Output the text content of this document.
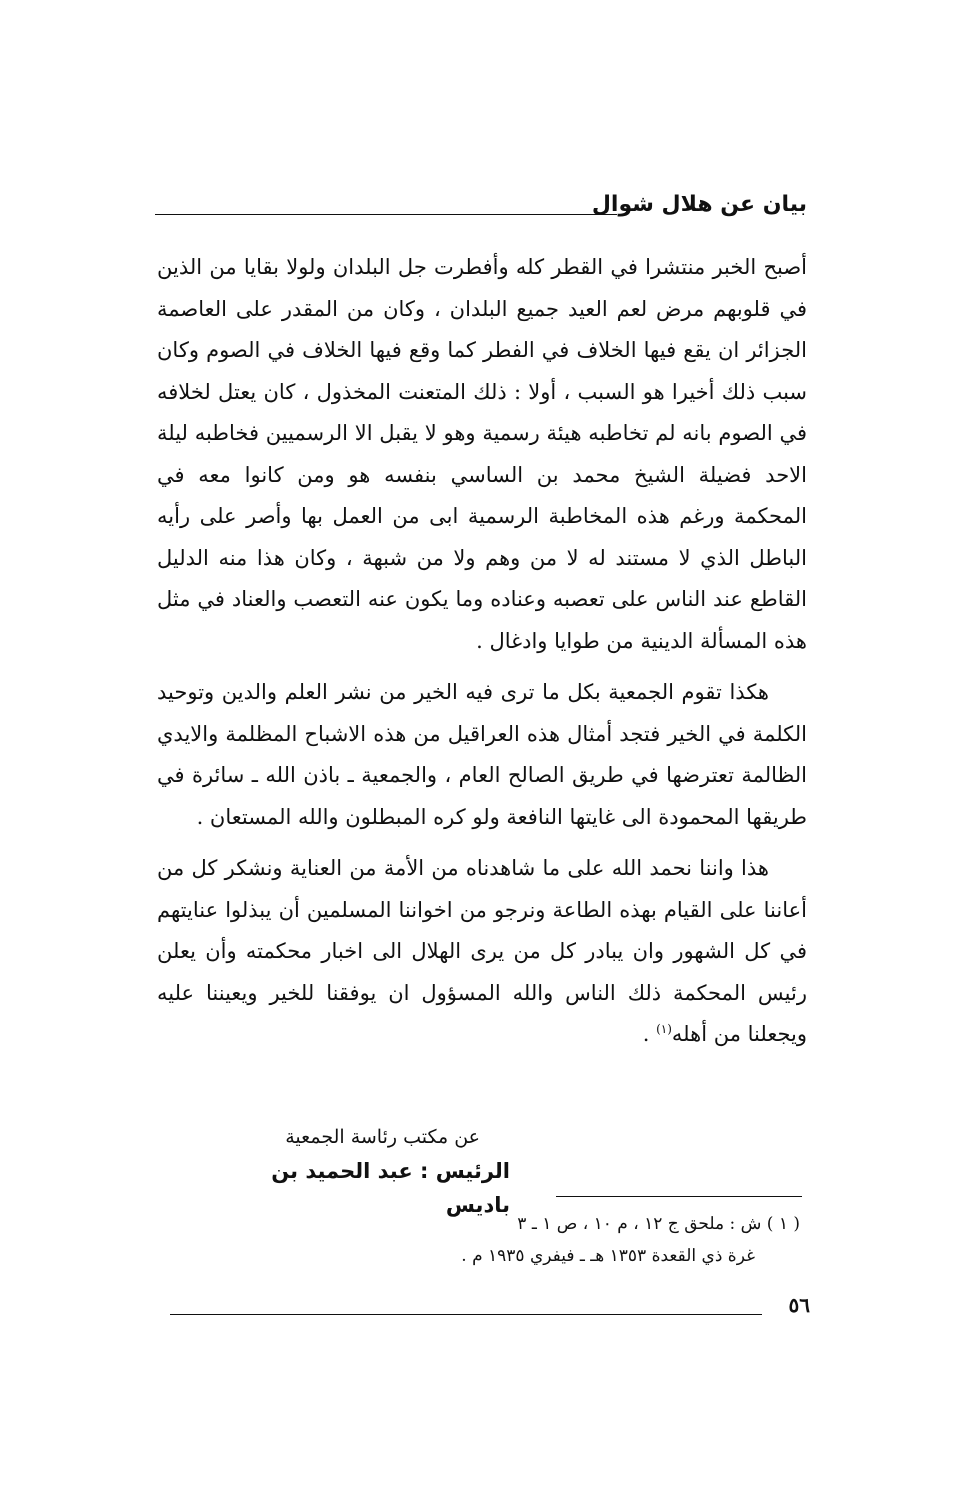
بيان عن هلال شوال

أصبح الخبر منتشرا في القطر كله وأفطرت جل البلدان ولولا بقايا من الذين في قلوبهم مرض لعم العيد جميع البلدان ، وكان من المقدر على العاصمة الجزائر ان يقع فيها الخلاف في الفطر كما وقع فيها الخلاف في الصوم وكان سبب ذلك أخيرا هو السبب ، أولا : ذلك المتعنت المخذول ، كان يعتل لخلافه في الصوم بانه لم تخاطبه هيئة رسمية وهو لا يقبل الا الرسميين فخاطبه ليلة الاحد فضيلة الشيخ محمد بن الساسي بنفسه هو ومن كانوا معه في المحكمة ورغم هذه المخاطبة الرسمية ابى من العمل بها وأصر على رأيه الباطل الذي لا مستند له لا من وهم ولا من شبهة ، وكان هذا منه الدليل القاطع عند الناس على تعصبه وعناده وما يكون عنه التعصب والعناد في مثل هذه المسألة الدينية من طوايا وادغال .

هكذا تقوم الجمعية بكل ما ترى فيه الخير من نشر العلم والدين وتوحيد الكلمة في الخير فتجد أمثال هذه العراقيل من هذه الاشباح المظلمة والايدي الظالمة تعترضها في طريق الصالح العام ، والجمعية ـ باذن الله ـ سائرة في طريقها المحمودة الى غايتها النافعة ولو كره المبطلون والله المستعان .

هذا واننا نحمد الله على ما شاهدناه من الأمة من العناية ونشكر كل من أعاننا على القيام بهذه الطاعة ونرجو من اخواننا المسلمين أن يبذلوا عنايتهم في كل الشهور وان يبادر كل من يرى الهلال الى اخبار محكمته وأن يعلن رئيس المحكمة ذلك الناس والله المسؤول ان يوفقنا للخير ويعيننا عليه ويجعلنا من أهله$^{(١)}$ .

عن مكتب رئاسة الجمعية
الرئيس : عبد الحميد بن باديس
( ١ ) ش : ملحق ج ١٢ ، م ١٠ ، ص ١ ـ ٣
غرة ذي القعدة ١٣٥٣ هـ ـ فيفري ١٩٣٥ م .
٥٦
